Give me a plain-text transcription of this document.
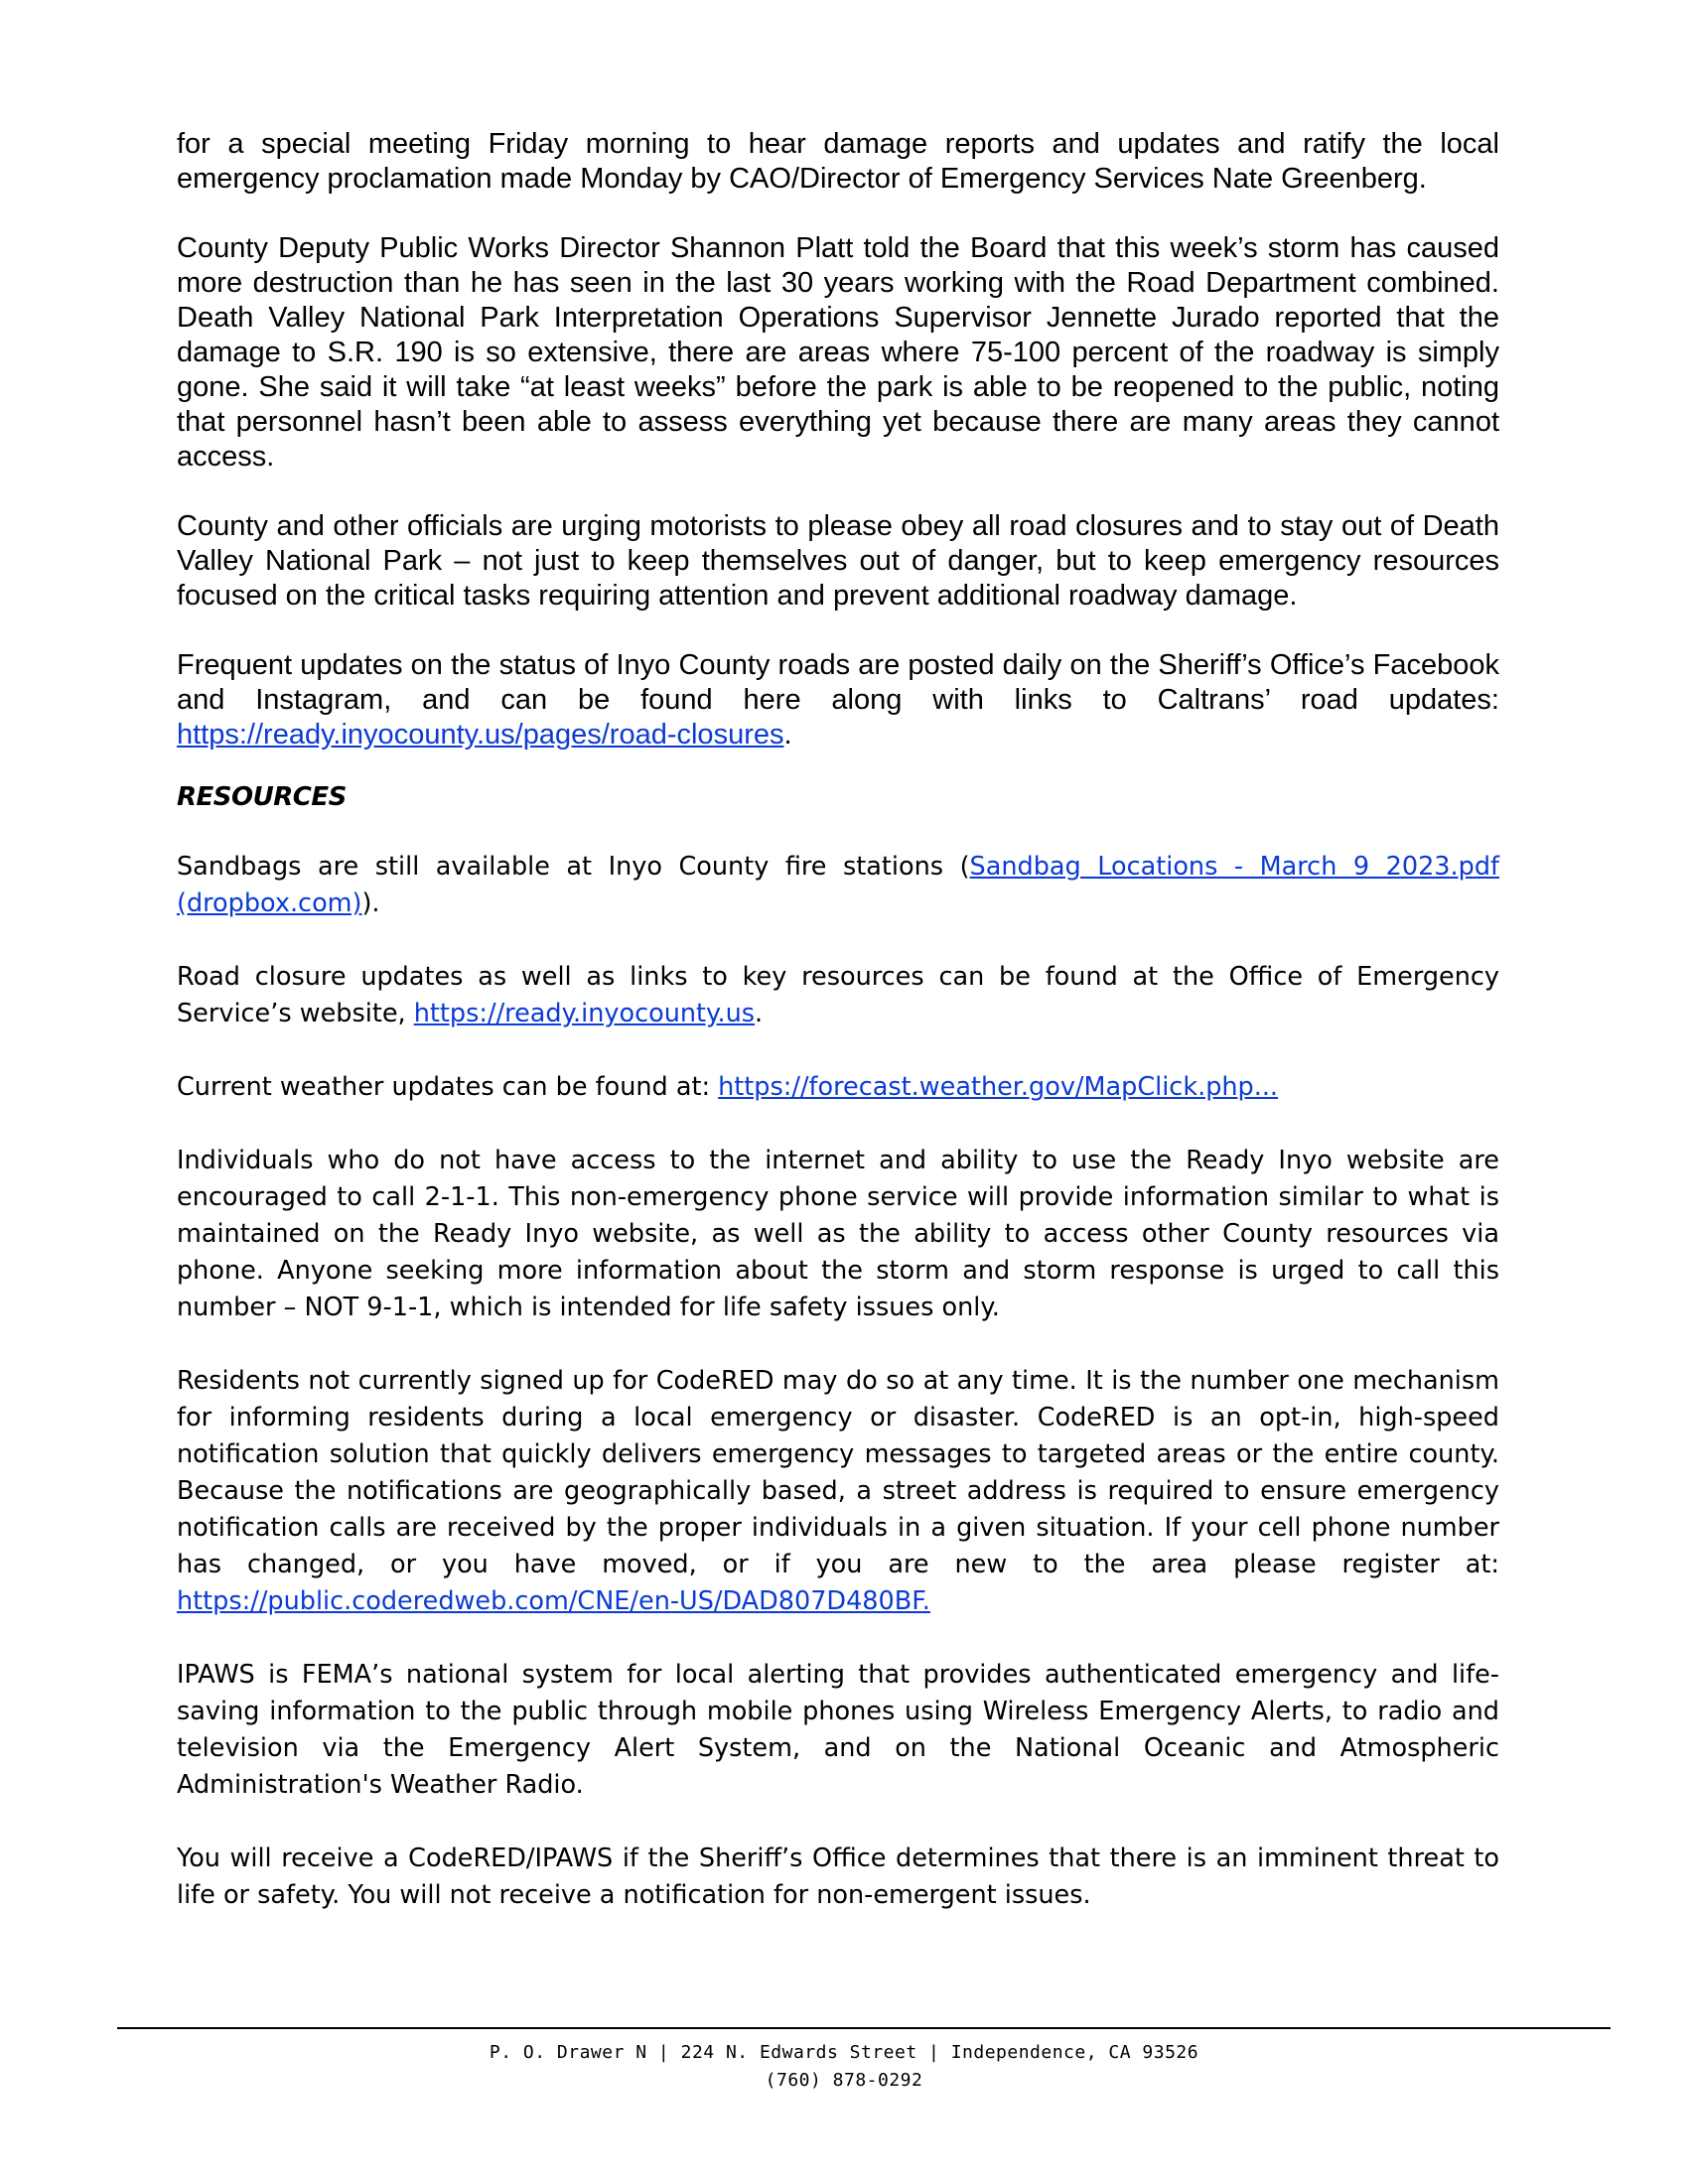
for a special meeting Friday morning to hear damage reports and updates and ratify the local emergency proclamation made Monday by CAO/Director of Emergency Services Nate Greenberg.

County Deputy Public Works Director Shannon Platt told the Board that this week’s storm has caused more destruction than he has seen in the last 30 years working with the Road Department combined. Death Valley National Park Interpretation Operations Supervisor Jennette Jurado reported that the damage to S.R. 190 is so extensive, there are areas where 75-100 percent of the roadway is simply gone. She said it will take “at least weeks” before the park is able to be reopened to the public, noting that personnel hasn’t been able to assess everything yet because there are many areas they cannot access.

County and other officials are urging motorists to please obey all road closures and to stay out of Death Valley National Park – not just to keep themselves out of danger, but to keep emergency resources focused on the critical tasks requiring attention and prevent additional roadway damage.

Frequent updates on the status of Inyo County roads are posted daily on the Sheriff’s Office’s Facebook and Instagram, and can be found here along with links to Caltrans’ road updates: https://ready.inyocounty.us/pages/road-closures.

RESOURCES

Sandbags are still available at Inyo County fire stations (Sandbag Locations - March 9 2023.pdf (dropbox.com)).

Road closure updates as well as links to key resources can be found at the Office of Emergency Service’s website, https://ready.inyocounty.us.

Current weather updates can be found at: https://forecast.weather.gov/MapClick.php...

Individuals who do not have access to the internet and ability to use the Ready Inyo website are encouraged to call 2-1-1. This non-emergency phone service will provide information similar to what is maintained on the Ready Inyo website, as well as the ability to access other County resources via phone. Anyone seeking more information about the storm and storm response is urged to call this number – NOT 9-1-1, which is intended for life safety issues only.

Residents not currently signed up for CodeRED may do so at any time. It is the number one mechanism for informing residents during a local emergency or disaster. CodeRED is an opt-in, high-speed notification solution that quickly delivers emergency messages to targeted areas or the entire county. Because the notifications are geographically based, a street address is required to ensure emergency notification calls are received by the proper individuals in a given situation. If your cell phone number has changed, or you have moved, or if you are new to the area please register at: https://public.coderedweb.com/CNE/en-US/DAD807D480BF.

IPAWS is FEMA’s national system for local alerting that provides authenticated emergency and life-saving information to the public through mobile phones using Wireless Emergency Alerts, to radio and television via the Emergency Alert System, and on the National Oceanic and Atmospheric Administration's Weather Radio.

You will receive a CodeRED/IPAWS if the Sheriff’s Office determines that there is an imminent threat to life or safety. You will not receive a notification for non-emergent issues.

P. O. Drawer N | 224 N. Edwards Street | Independence, CA 93526
(760) 878-0292
